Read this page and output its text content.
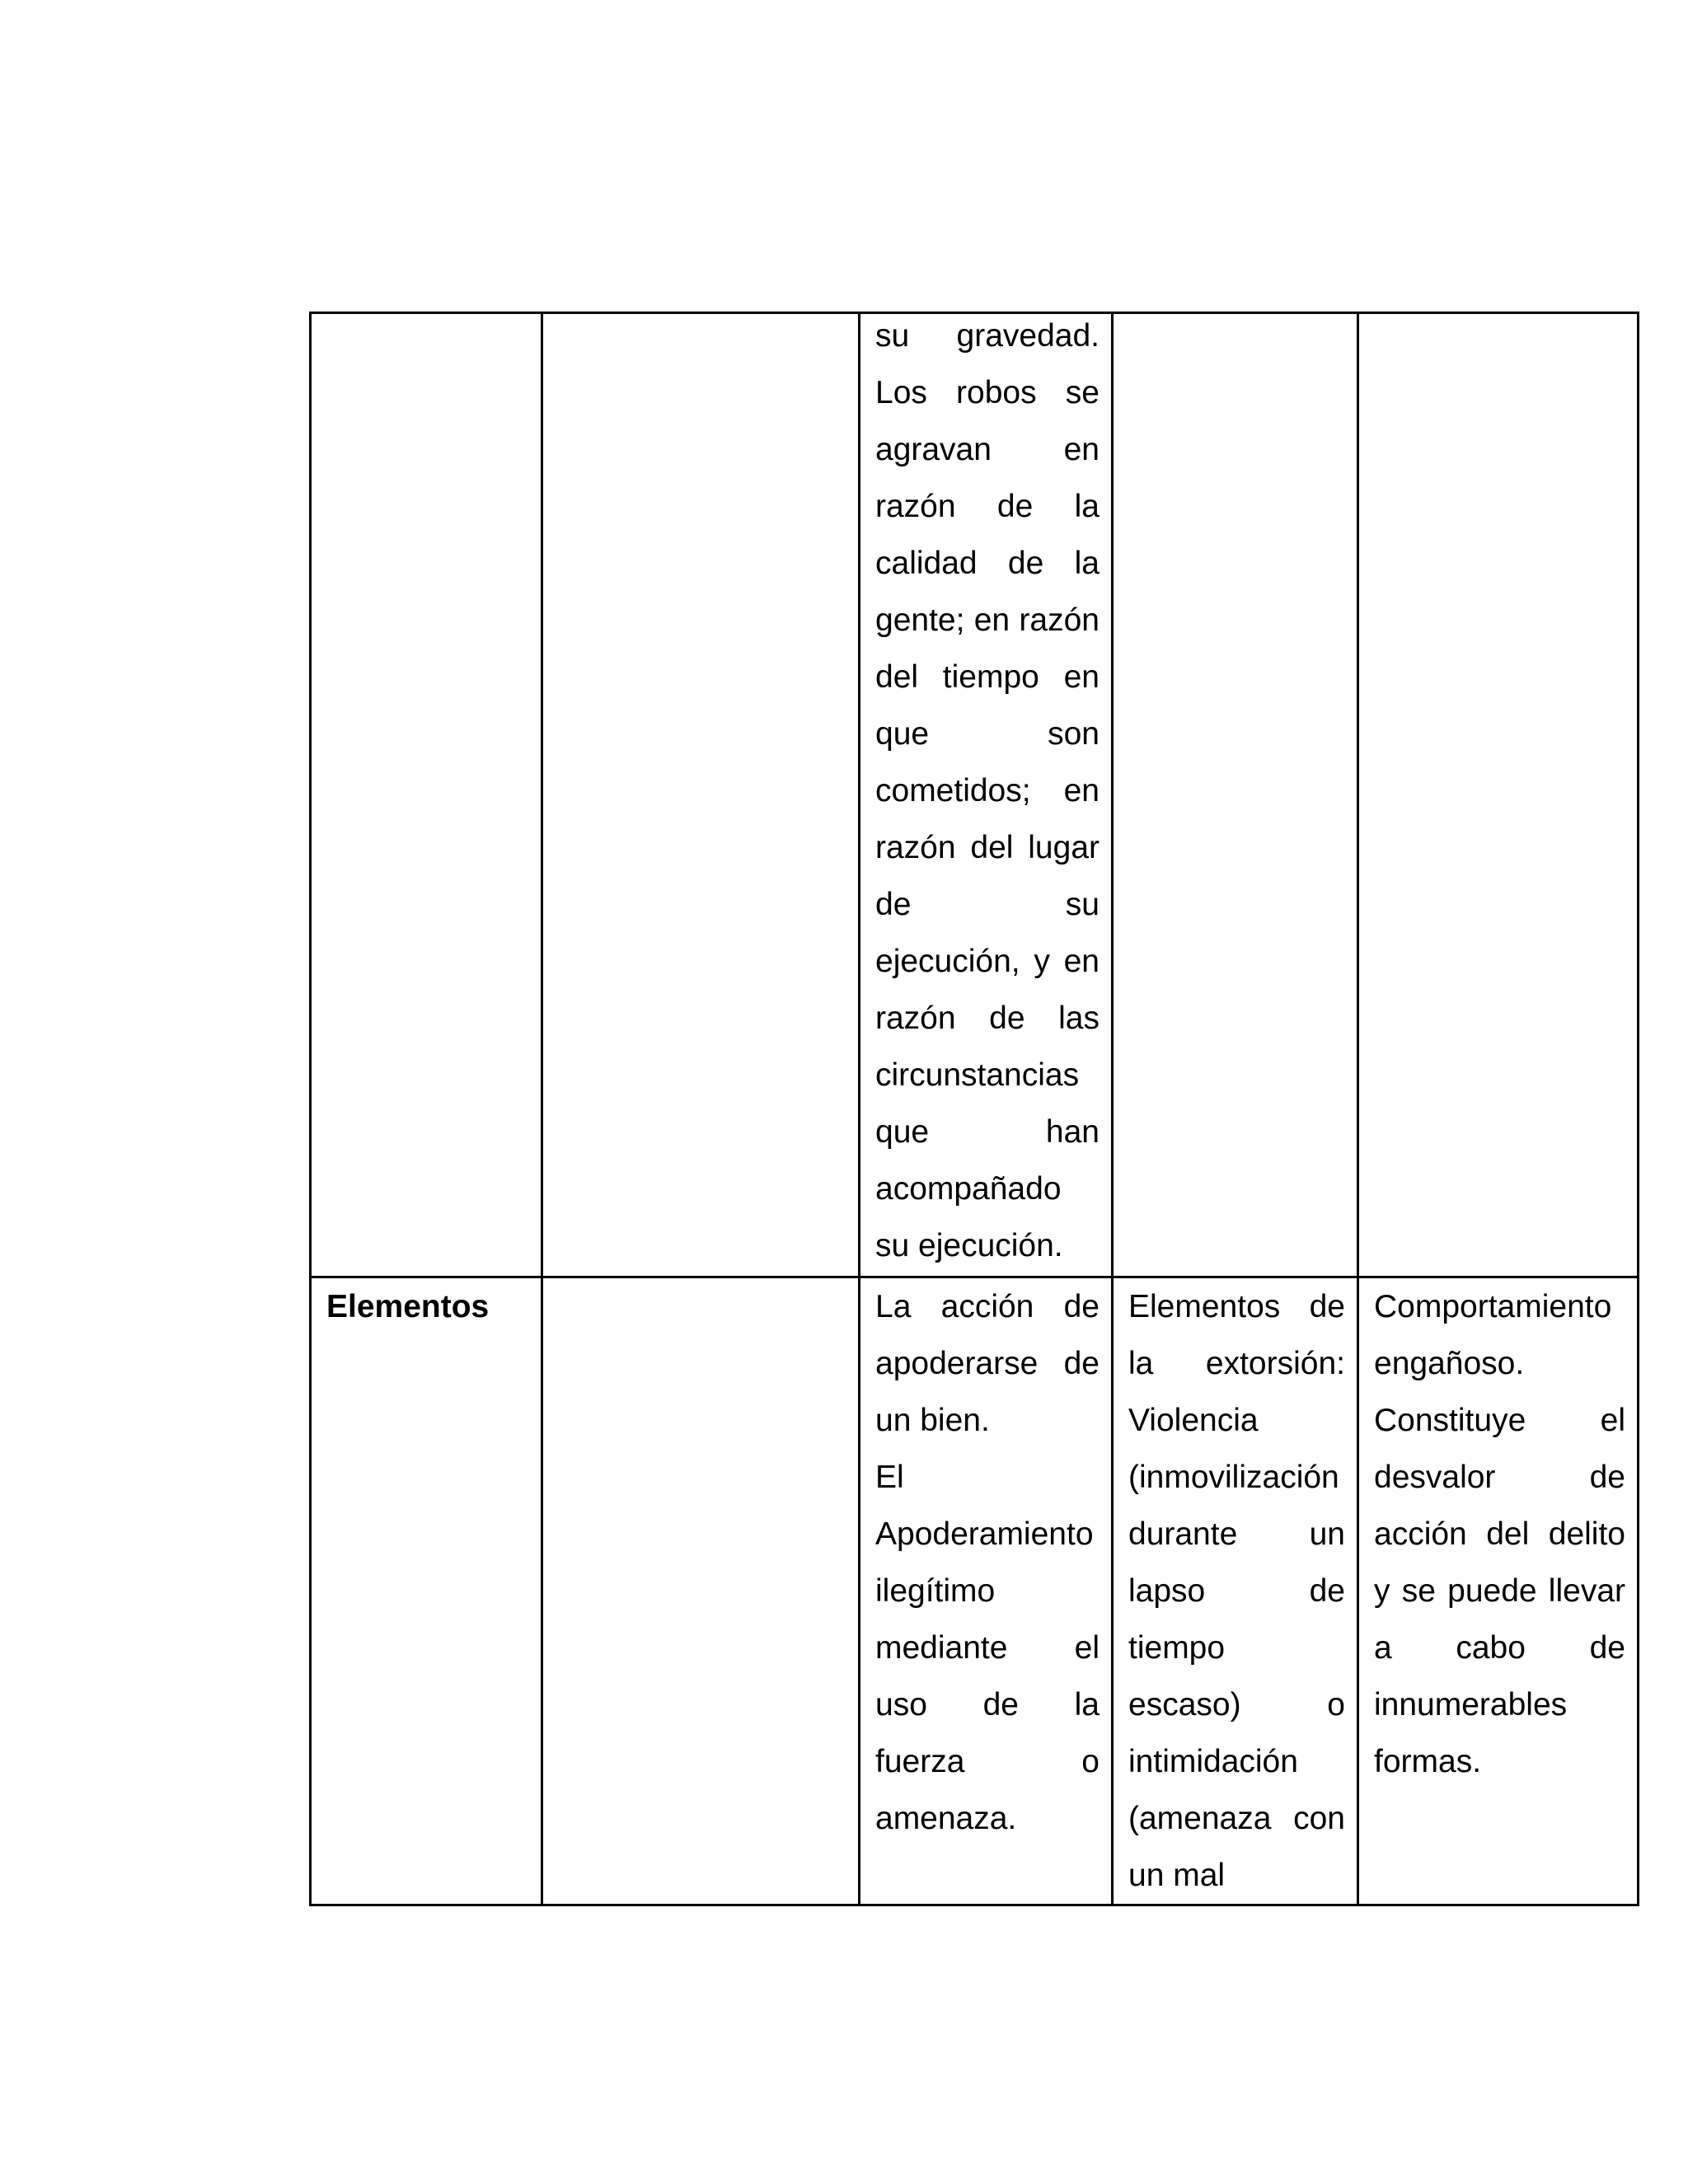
		su gravedad. Los robos se agravan en razón de la calidad de la gente; en razón del tiempo en que son cometidos; en razón del lugar de su ejecución, y en razón de las circunstancias que han acompañado su ejecución.		

Elementos		La acción de apoderarse de un bien.
El Apoderamiento ilegítimo mediante el uso de la fuerza o amenaza.	Elementos de la extorsión: Violencia (inmovilización durante un lapso de tiempo escaso) o intimidación (amenaza con un mal	Comportamiento engañoso.
Constituye el desvalor de acción del delito y se puede llevar a cabo de innumerables formas.
